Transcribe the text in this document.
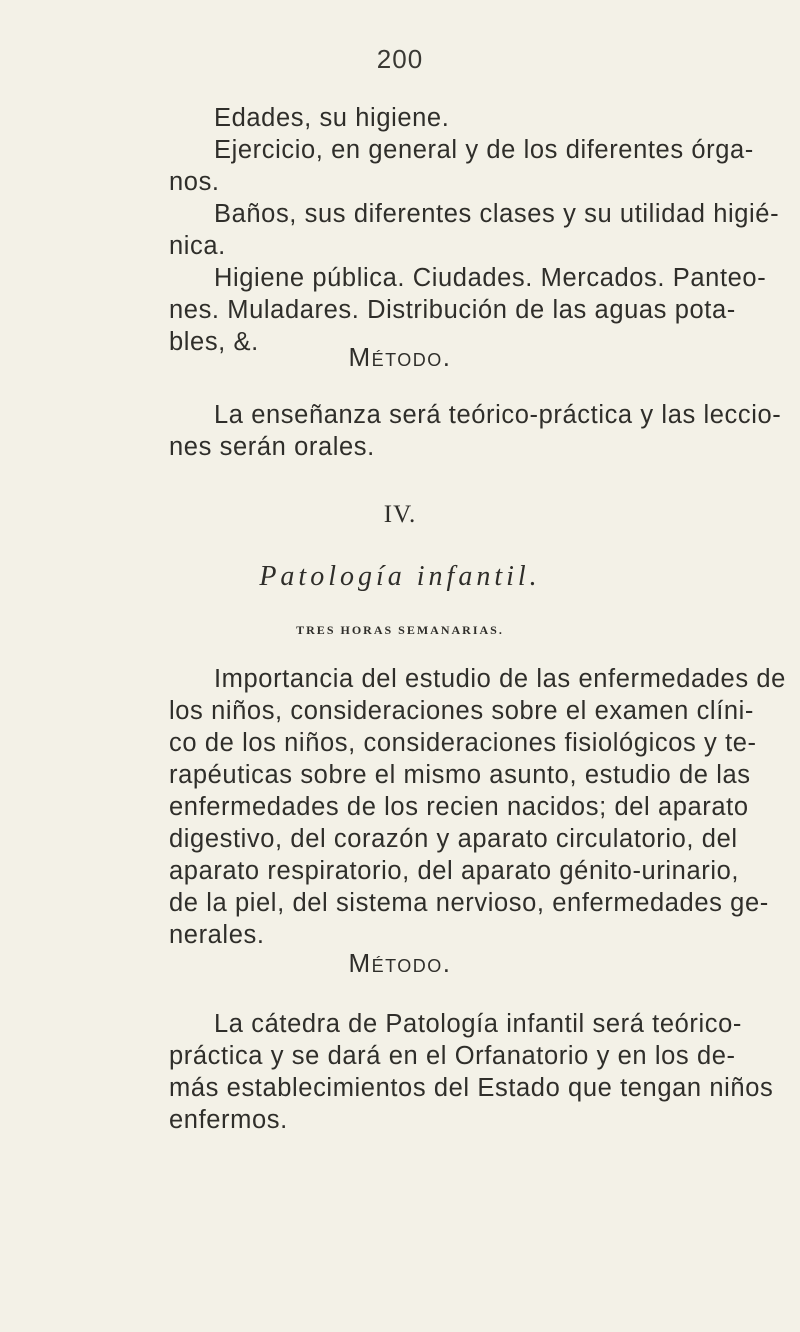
200
Edades, su higiene.
Ejercicio, en general y de los diferentes órga-
nos.
Baños, sus diferentes clases y su utilidad higié-
nica.
Higiene pública. Ciudades. Mercados. Panteo-
nes. Muladares. Distribución de las aguas pota-
bles, &.	Método.
La enseñanza será teórico-práctica y las leccio-
nes serán orales.
IV.
Patología infantil.
TRES HORAS SEMANARIAS.
Importancia del estudio de las enfermedades de
los niños, consideraciones sobre el examen clíni-
co de los niños, consideraciones fisiológicos y te-
rapéuticas sobre el mismo asunto, estudio de las
enfermedades de los recien nacidos; del aparato
digestivo, del corazón y aparato circulatorio, del
aparato respiratorio, del aparato génito-urinario,
de la piel, del sistema nervioso, enfermedades ge-
nerales.
Método.
La cátedra de Patología infantil será teórico-
práctica y se dará en el Orfanatorio y en los de-
más establecimientos del Estado que tengan niños
enfermos.
